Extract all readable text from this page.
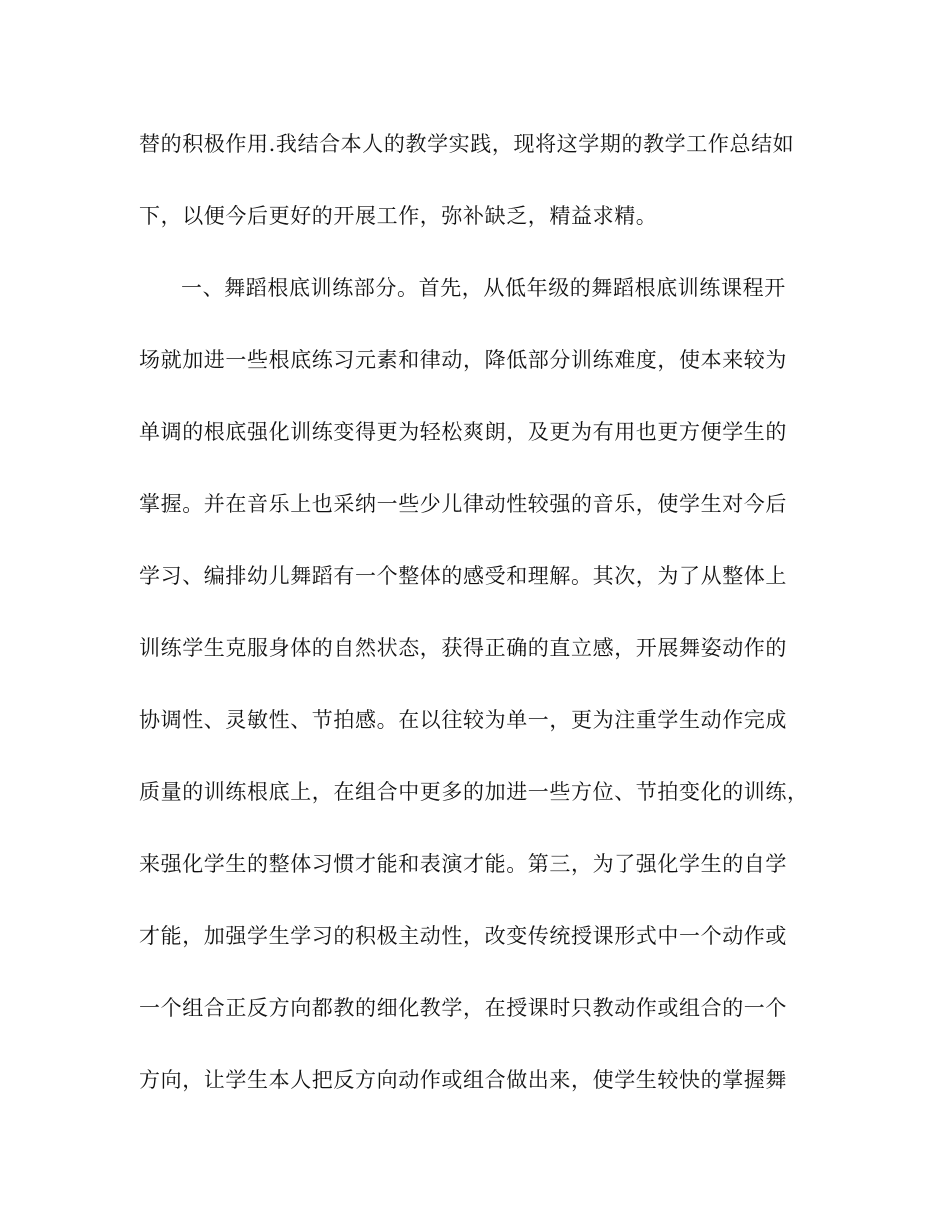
替的积极作用.我结合本人的教学实践，现将这学期的教学工作总结如
下，以便今后更好的开展工作，弥补缺乏，精益求精。
一、舞蹈根底训练部分。首先，从低年级的舞蹈根底训练课程开
场就加进一些根底练习元素和律动，降低部分训练难度，使本来较为
单调的根底强化训练变得更为轻松爽朗，及更为有用也更方便学生的
掌握。并在音乐上也采纳一些少儿律动性较强的音乐，使学生对今后
学习、编排幼儿舞蹈有一个整体的感受和理解。其次，为了从整体上
训练学生克服身体的自然状态，获得正确的直立感，开展舞姿动作的
协调性、灵敏性、节拍感。在以往较为单一，更为注重学生动作完成
质量的训练根底上，在组合中更多的加进一些方位、节拍变化的训练，
来强化学生的整体习惯才能和表演才能。第三，为了强化学生的自学
才能，加强学生学习的积极主动性，改变传统授课形式中一个动作或
一个组合正反方向都教的细化教学，在授课时只教动作或组合的一个
方向，让学生本人把反方向动作或组合做出来，使学生较快的掌握舞
